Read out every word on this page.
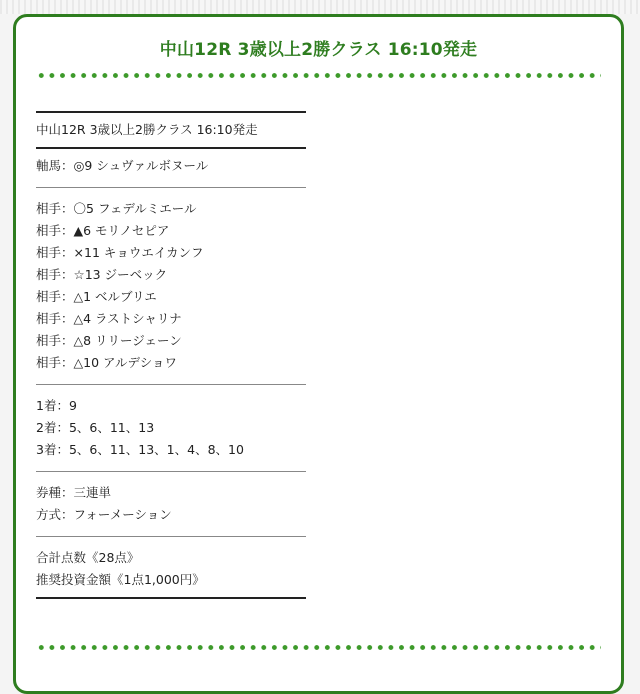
中山12R 3歳以上2勝クラス 16:10発走
中山12R 3歳以上2勝クラス 16:10発走
軸馬：◎9 シュヴァルボヌール
相手：〇5 フェデルミエール
相手：▲6 モリノセピア
相手：×11 キョウエイカンフ
相手：☆13 ジーベック
相手：△1 ベルブリエ
相手：△4 ラストシャリナ
相手：△8 リリージェーン
相手：△10 アルデショワ
1着：9
2着：5、6、11、13
3着：5、6、11、13、1、4、8、10
券種：三連単
方式：フォーメーション
合計点数《28点》
推奨投資金額《1点1,000円》
